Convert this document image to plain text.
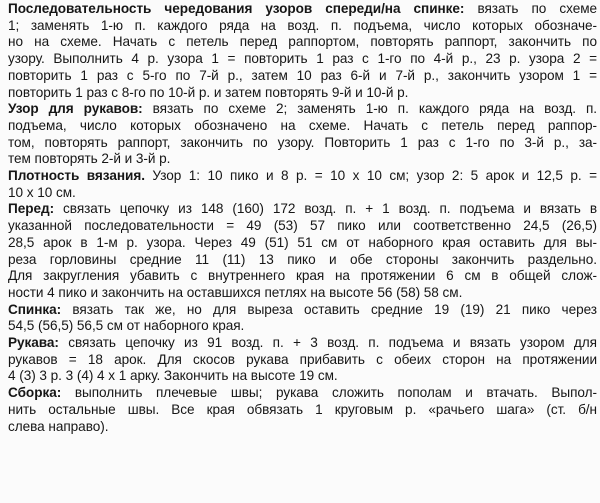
Последовательность чередования узоров спереди/на спинке: вязать по схеме
1; заменять 1-ю п. каждого ряда на возд. п. подъема, число которых обозначе-
но на схеме. Начать с петель перед раппортом, повторять раппорт, закончить по
узору. Выполнить 4 р. узора 1 = повторить 1 раз с 1-го по 4-й р., 23 р. узора 2 =
повторить 1 раз с 5-го по 7-й р., затем 10 раз 6-й и 7-й р., закончить узором 1 =
повторить 1 раз с 8-го по 10-й р. и затем повторять 9-й и 10-й р.
Узор для рукавов: вязать по схеме 2; заменять 1-ю п. каждого ряда на возд. п.
подъема, число которых обозначено на схеме. Начать с петель перед раппор-
том, повторять раппорт, закончить по узору. Повторить 1 раз с 1-го по 3-й р., за-
тем повторять 2-й и 3-й р.
Плотность вязания. Узор 1: 10 пико и 8 р. = 10 х 10 см; узор 2: 5 арок и 12,5 р. =
10 х 10 см.
Перед: связать цепочку из 148 (160) 172 возд. п. + 1 возд. п. подъема и вязать в
указанной последовательности = 49 (53) 57 пико или соответственно 24,5 (26,5)
28,5 арок в 1-м р. узора. Через 49 (51) 51 см от наборного края оставить для вы-
реза горловины средние 11 (11) 13 пико и обе стороны закончить раздельно.
Для закругления убавить с внутреннего края на протяжении 6 см в общей слож-
ности 4 пико и закончить на оставшихся петлях на высоте 56 (58) 58 см.
Спинка: вязать так же, но для выреза оставить средние 19 (19) 21 пико через
54,5 (56,5) 56,5 см от наборного края.
Рукава: связать цепочку из 91 возд. п. + 3 возд. п. подъема и вязать узором для
рукавов = 18 арок. Для скосов рукава прибавить с обеих сторон на протяжении
4 (3) 3 р. 3 (4) 4 х 1 арку. Закончить на высоте 19 см.
Сборка: выполнить плечевые швы; рукава сложить пополам и втачать. Выпол-
нить остальные швы. Все края обвязать 1 круговым р. «рачьего шага» (ст. б/н
слева направо).
